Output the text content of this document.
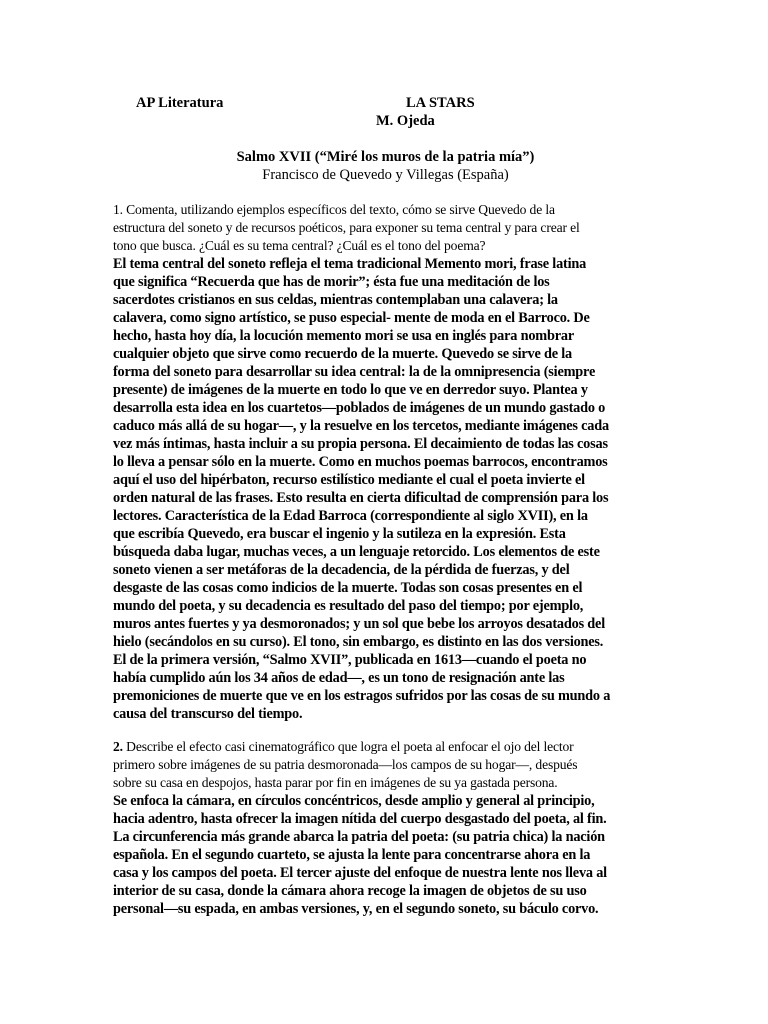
AP Literatura	LA STARS
M. Ojeda
Salmo XVII (“Miré los muros de la patria mía”)
Francisco de Quevedo y Villegas (España)
1. Comenta, utilizando ejemplos específicos del texto, cómo se sirve Quevedo de la
estructura del soneto y de recursos poéticos, para exponer su tema central y para crear el
tono que busca. ¿Cuál es su tema central? ¿Cuál es el tono del poema?
El tema central del soneto refleja el tema tradicional Memento mori, frase latina
que significa “Recuerda que has de morir”; ésta fue una meditación de los
sacerdotes cristianos en sus celdas, mientras contemplaban una calavera; la
calavera, como signo artístico, se puso especial- mente de moda en el Barroco. De
hecho, hasta hoy día, la locución memento mori se usa en inglés para nombrar
cualquier objeto que sirve como recuerdo de la muerte. Quevedo se sirve de la
forma del soneto para desarrollar su idea central: la de la omnipresencia (siempre
presente) de imágenes de la muerte en todo lo que ve en derredor suyo. Plantea y
desarrolla esta idea en los cuartetos—poblados de imágenes de un mundo gastado o
caduco más allá de su hogar—, y la resuelve en los tercetos, mediante imágenes cada
vez más íntimas, hasta incluir a su propia persona. El decaimiento de todas las cosas
lo lleva a pensar sólo en la muerte. Como en muchos poemas barrocos, encontramos
aquí el uso del hipérbaton, recurso estilístico mediante el cual el poeta invierte el
orden natural de las frases. Esto resulta en cierta dificultad de comprensión para los
lectores. Característica de la Edad Barroca (correspondiente al siglo XVII), en la
que escribía Quevedo, era buscar el ingenio y la sutileza en la expresión. Esta
búsqueda daba lugar, muchas veces, a un lenguaje retorcido. Los elementos de este
soneto vienen a ser metáforas de la decadencia, de la pérdida de fuerzas, y del
desgaste de las cosas como indicios de la muerte. Todas son cosas presentes en el
mundo del poeta, y su decadencia es resultado del paso del tiempo; por ejemplo,
muros antes fuertes y ya desmoronados; y un sol que bebe los arroyos desatados del
hielo (secándolos en su curso). El tono, sin embargo, es distinto en las dos versiones.
El de la primera versión, “Salmo XVII”, publicada en 1613—cuando el poeta no
había cumplido aún los 34 años de edad—, es un tono de resignación ante las
premoniciones de muerte que ve en los estragos sufridos por las cosas de su mundo a
causa del transcurso del tiempo.
2. Describe el efecto casi cinematográfico que logra el poeta al enfocar el ojo del lector
primero sobre imágenes de su patria desmoronada—los campos de su hogar—, después
sobre su casa en despojos, hasta parar por fin en imágenes de su ya gastada persona.
Se enfoca la cámara, en círculos concéntricos, desde amplio y general al principio,
hacia adentro, hasta ofrecer la imagen nítida del cuerpo desgastado del poeta, al fin.
La circunferencia más grande abarca la patria del poeta: (su patria chica) la nación
española. En el segundo cuarteto, se ajusta la lente para concentrarse ahora en la
casa y los campos del poeta. El tercer ajuste del enfoque de nuestra lente nos lleva al
interior de su casa, donde la cámara ahora recoge la imagen de objetos de su uso
personal—su espada, en ambas versiones, y, en el segundo soneto, su báculo corvo.
